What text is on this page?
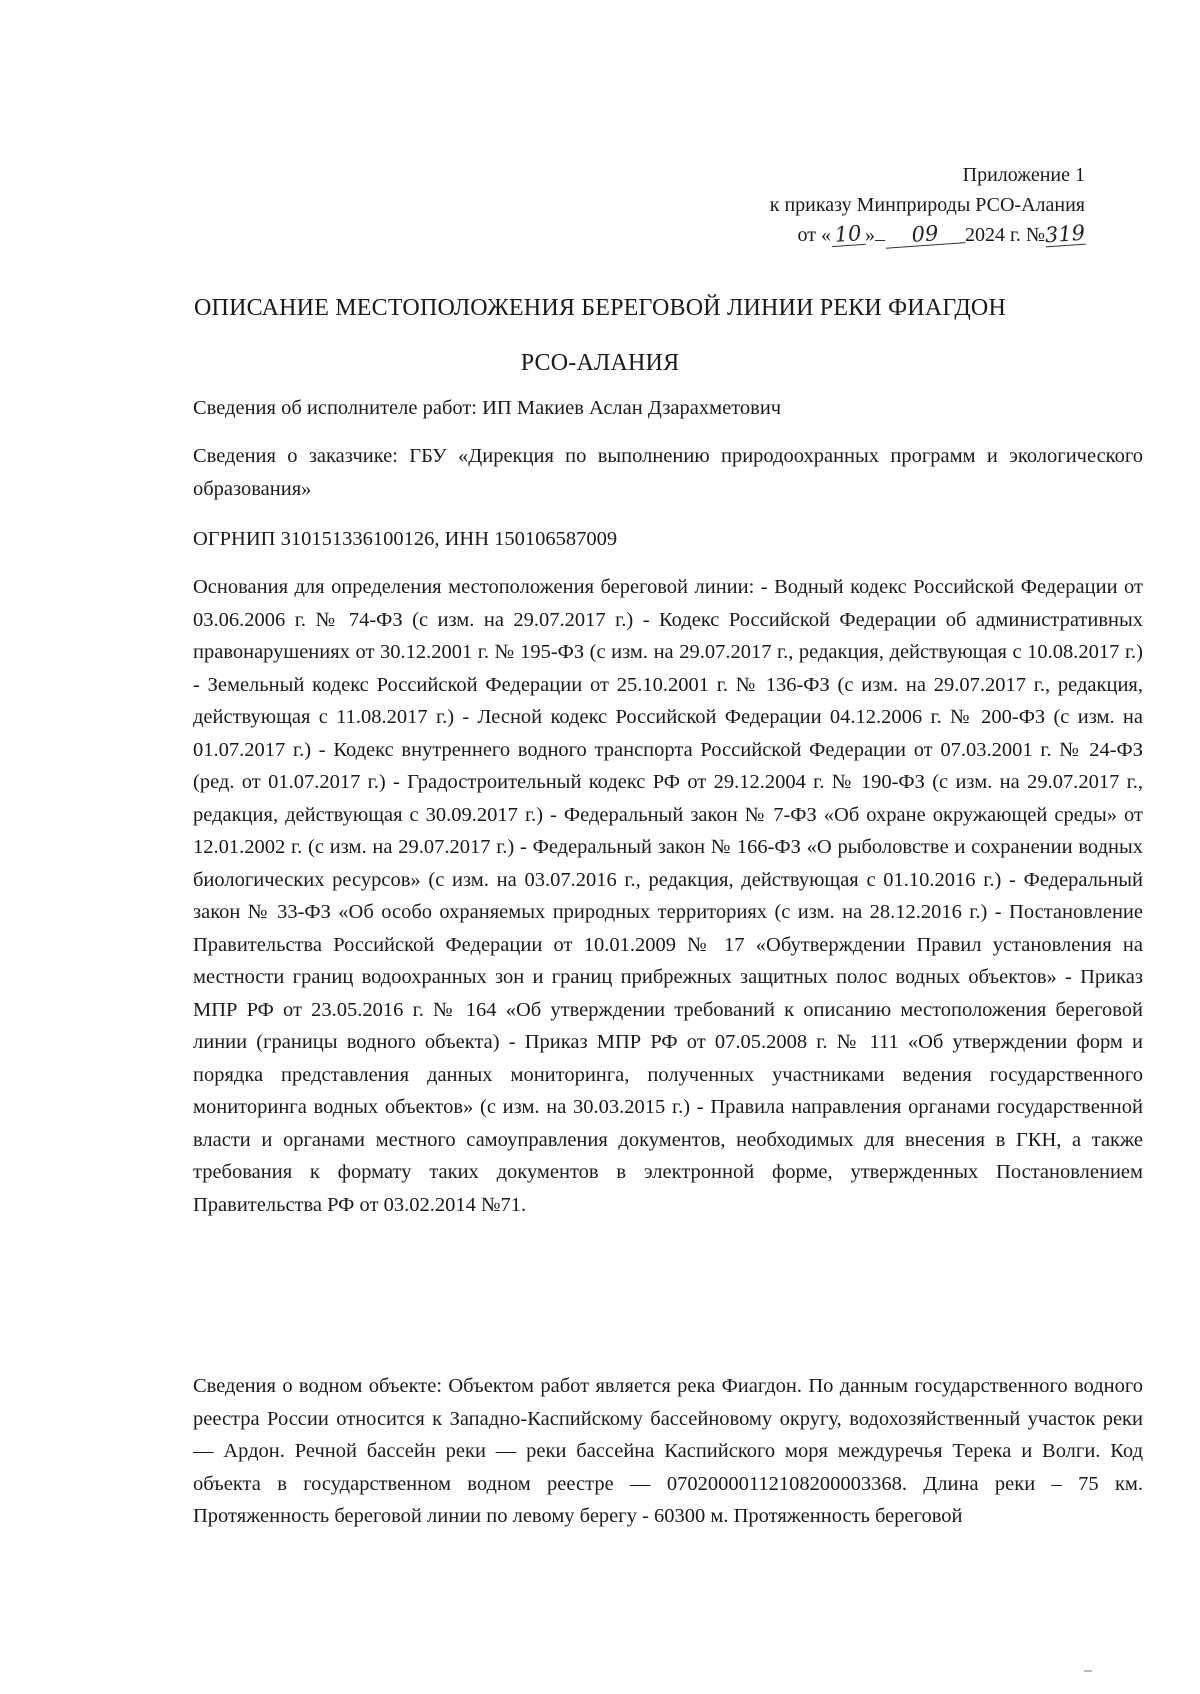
Приложение 1
к приказу Минприроды РСО-Алания
от « 10 » 09 2024 г. №319
ОПИСАНИЕ МЕСТОПОЛОЖЕНИЯ БЕРЕГОВОЙ ЛИНИИ РЕКИ ФИАГДОН
РСО-АЛАНИЯ
Сведения об исполнителе работ: ИП Макиев Аслан Дзарахметович
Сведения о заказчике: ГБУ «Дирекция по выполнению природоохранных программ и экологического образования»
ОГРНИП 310151336100126, ИНН 150106587009
Основания для определения местоположения береговой линии: - Водный кодекс Российской Федерации от 03.06.2006 г. № 74-ФЗ (с изм. на 29.07.2017 г.) - Кодекс Российской Федерации об административных правонарушениях от 30.12.2001 г. № 195-ФЗ (с изм. на 29.07.2017 г., редакция, действующая с 10.08.2017 г.) - Земельный кодекс Российской Федерации от 25.10.2001 г. № 136-ФЗ (с изм. на 29.07.2017 г., редакция, действующая с 11.08.2017 г.) - Лесной кодекс Российской Федерации 04.12.2006 г. № 200-ФЗ (с изм. на 01.07.2017 г.) - Кодекс внутреннего водного транспорта Российской Федерации от 07.03.2001 г. № 24-ФЗ (ред. от 01.07.2017 г.) - Градостроительный кодекс РФ от 29.12.2004 г. № 190-ФЗ (с изм. на 29.07.2017 г., редакция, действующая с 30.09.2017 г.) - Федеральный закон № 7-ФЗ «Об охране окружающей среды» от 12.01.2002 г. (с изм. на 29.07.2017 г.) - Федеральный закон № 166-ФЗ «О рыболовстве и сохранении водных биологических ресурсов» (с изм. на 03.07.2016 г., редакция, действующая с 01.10.2016 г.) - Федеральный закон № 33-ФЗ «Об особо охраняемых природных территориях (с изм. на 28.12.2016 г.) - Постановление Правительства Российской Федерации от 10.01.2009 № 17 «Обутверждении Правил установления на местности границ водоохранных зон и границ прибрежных защитных полос водных объектов» - Приказ МПР РФ от 23.05.2016 г. № 164 «Об утверждении требований к описанию местоположения береговой линии (границы водного объекта) - Приказ МПР РФ от 07.05.2008 г. № 111 «Об утверждении форм и порядка представления данных мониторинга, полученных участниками ведения государственного мониторинга водных объектов» (с изм. на 30.03.2015 г.) - Правила направления органами государственной власти и органами местного самоуправления документов, необходимых для внесения в ГКН, а также требования к формату таких документов в электронной форме, утвержденных Постановлением Правительства РФ от 03.02.2014 №71.
Сведения о водном объекте: Объектом работ является река Фиагдон. По данным государственного водного реестра России относится к Западно-Каспийскому бассейновому округу, водохозяйственный участок реки — Ардон. Речной бассейн реки — реки бассейна Каспийского моря междуречья Терека и Волги. Код объекта в государственном водном реестре — 07020000112108200003368. Длина реки – 75 км. Протяженность береговой линии по левому берегу - 60300 м. Протяженность береговой
